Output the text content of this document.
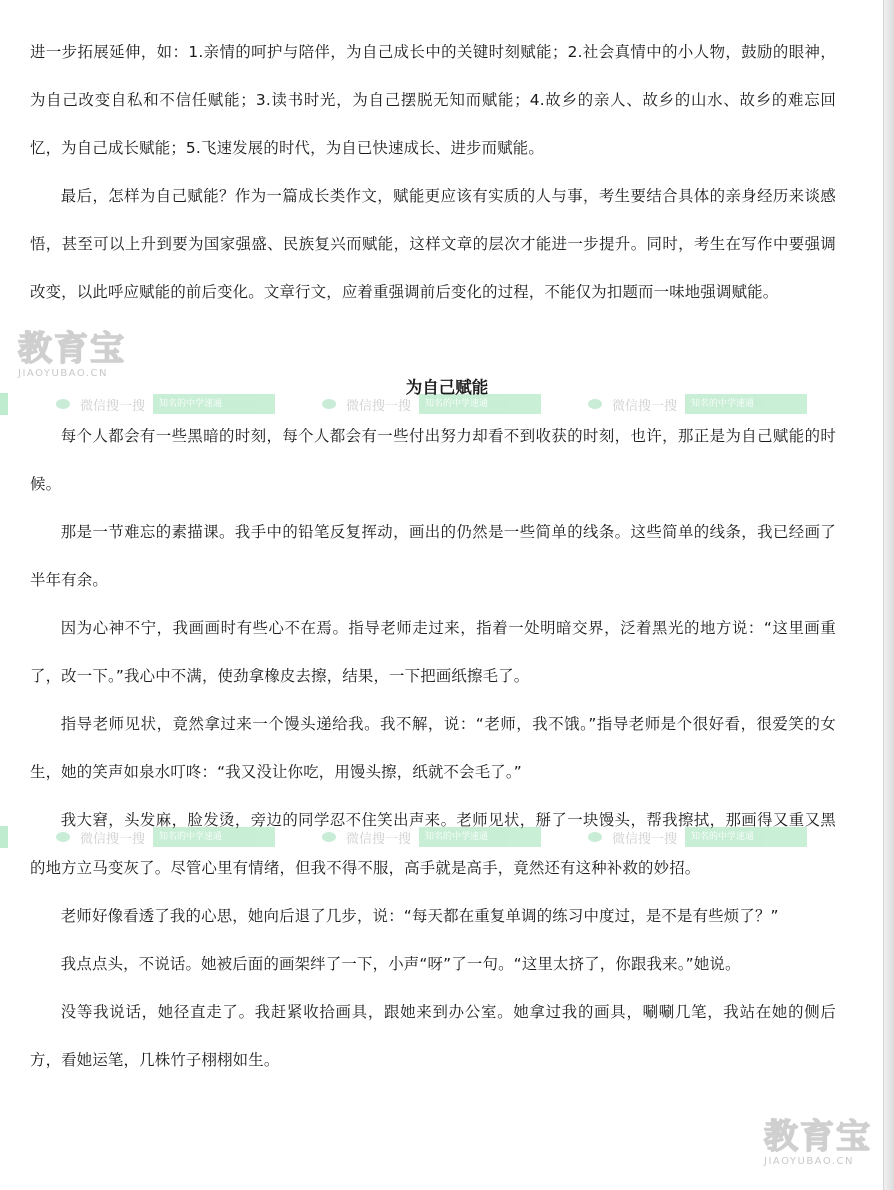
微信搜一搜	知名的中学速通	微信搜一搜	知名的中学速通	微信搜一搜	知名的中学速通
微信搜一搜	知名的中学速通	微信搜一搜	知名的中学速通	微信搜一搜	知名的中学速通

进一步拓展延伸，如：1.亲情的呵护与陪伴，为自己成长中的关键时刻赋能；2.社会真情中的小人物，鼓励的眼神，为自己改变自私和不信任赋能；3.读书时光，为自己摆脱无知而赋能；4.故乡的亲人、故乡的山水、故乡的难忘回忆，为自己成长赋能；5.飞速发展的时代，为自已快速成长、进步而赋能。

最后，怎样为自己赋能？作为一篇成长类作文，赋能更应该有实质的人与事，考生要结合具体的亲身经历来谈感悟，甚至可以上升到要为国家强盛、民族复兴而赋能，这样文章的层次才能进一步提升。同时，考生在写作中要强调改变，以此呼应赋能的前后变化。文章行文，应着重强调前后变化的过程，不能仅为扣题而一味地强调赋能。

教育宝
JIAOYUBAO.CN
为自己赋能

每个人都会有一些黑暗的时刻，每个人都会有一些付出努力却看不到收获的时刻，也许，那正是为自己赋能的时候。

那是一节难忘的素描课。我手中的铅笔反复挥动，画出的仍然是一些简单的线条。这些简单的线条，我已经画了半年有余。

因为心神不宁，我画画时有些心不在焉。指导老师走过来，指着一处明暗交界，泛着黑光的地方说：“这里画重了，改一下。”我心中不满，使劲拿橡皮去擦，结果，一下把画纸擦毛了。

指导老师见状，竟然拿过来一个馒头递给我。我不解，说：“老师，我不饿。”指导老师是个很好看，很爱笑的女生，她的笑声如泉水叮咚：“我又没让你吃，用馒头擦，纸就不会毛了。”

我大窘，头发麻，脸发烫，旁边的同学忍不住笑出声来。老师见状，掰了一块馒头，帮我擦拭，那画得又重又黑的地方立马变灰了。尽管心里有情绪，但我不得不服，高手就是高手，竟然还有这种补救的妙招。

老师好像看透了我的心思，她向后退了几步，说：“每天都在重复单调的练习中度过，是不是有些烦了？”

我点点头，不说话。她被后面的画架绊了一下，小声“呀”了一句。“这里太挤了，你跟我来。”她说。

没等我说话，她径直走了。我赶紧收拾画具，跟她来到办公室。她拿过我的画具，唰唰几笔，我站在她的侧后方，看她运笔，几株竹子栩栩如生。

教育宝
JIAOYUBAO.CN
